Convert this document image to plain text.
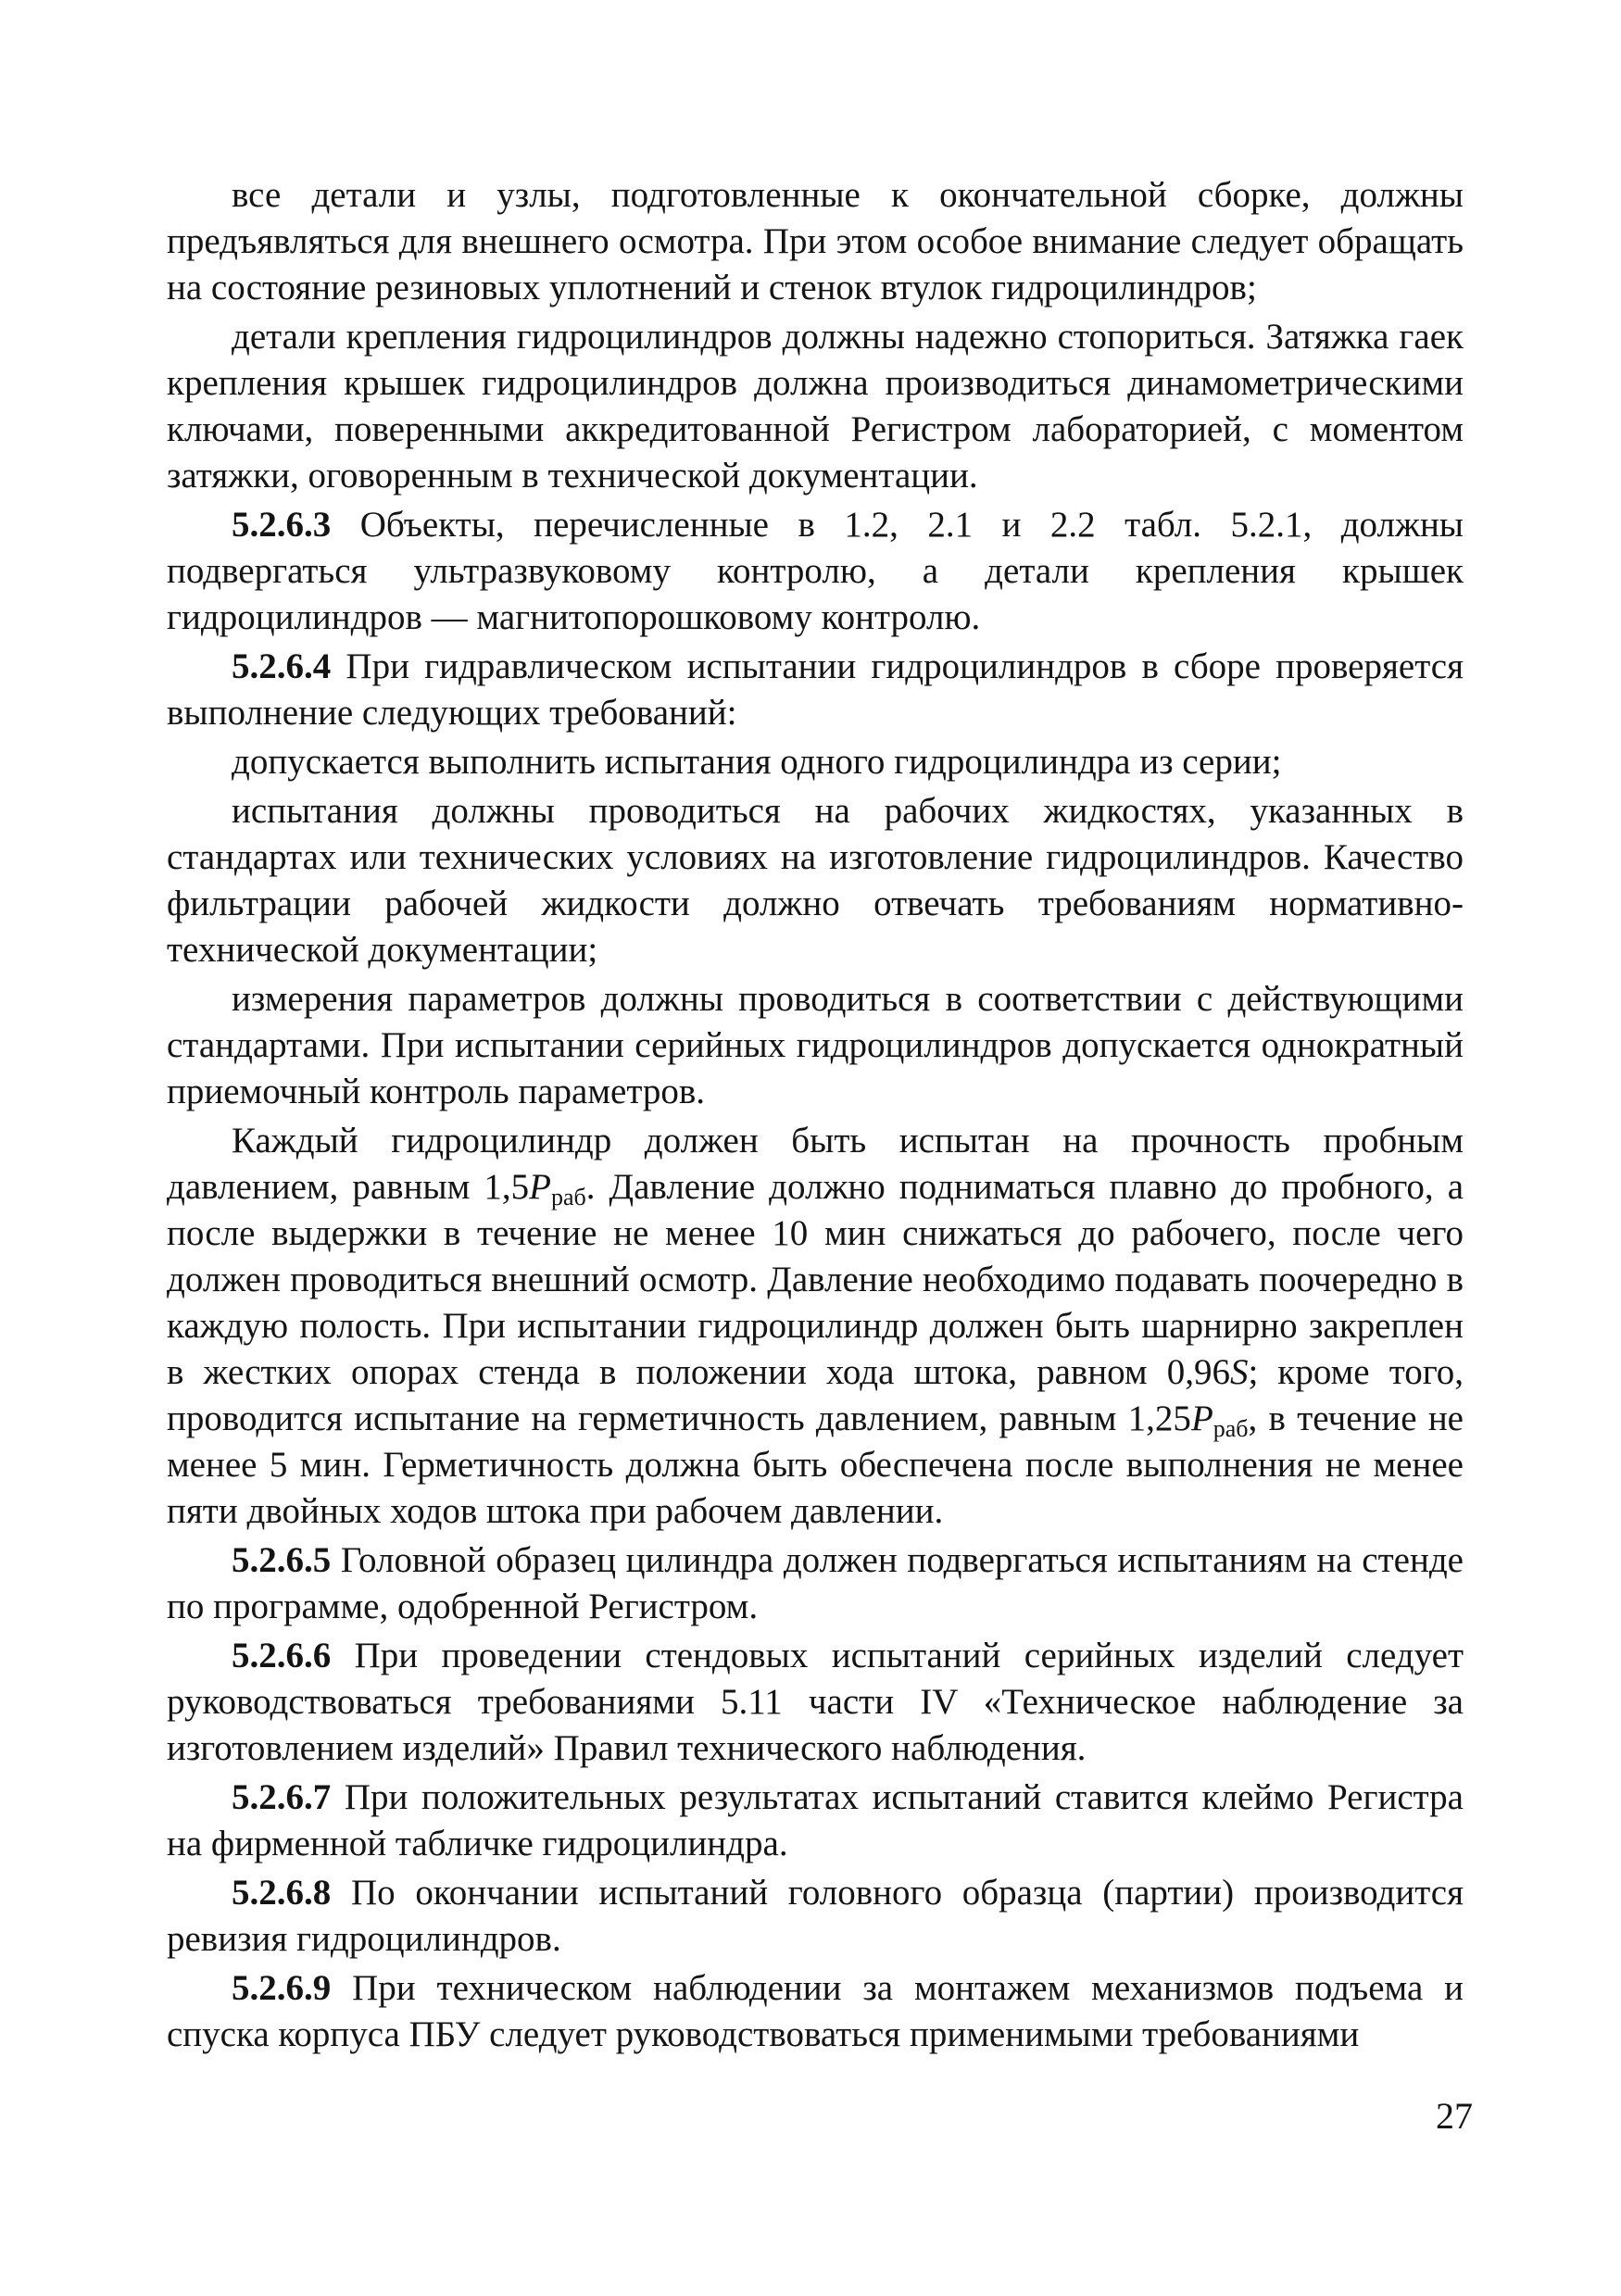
все детали и узлы, подготовленные к окончательной сборке, должны предъявляться для внешнего осмотра. При этом особое внимание следует обращать на состояние резиновых уплотнений и стенок втулок гидроцилиндров;

детали крепления гидроцилиндров должны надежно стопориться. Затяжка гаек крепления крышек гидроцилиндров должна производиться динамометрическими ключами, поверенными аккредитованной Регистром лабораторией, с моментом затяжки, оговоренным в технической документации.

5.2.6.3 Объекты, перечисленные в 1.2, 2.1 и 2.2 табл. 5.2.1, должны подвергаться ультразвуковому контролю, а детали крепления крышек гидроцилиндров — магнитопорошковому контролю.

5.2.6.4 При гидравлическом испытании гидроцилиндров в сборе проверяется выполнение следующих требований:

допускается выполнить испытания одного гидроцилиндра из серии;

испытания должны проводиться на рабочих жидкостях, указанных в стандартах или технических условиях на изготовление гидроцилиндров. Качество фильтрации рабочей жидкости должно отвечать требованиям нормативно-технической документации;

измерения параметров должны проводиться в соответствии с действующими стандартами. При испытании серийных гидроцилиндров допускается однократный приемочный контроль параметров.

Каждый гидроцилиндр должен быть испытан на прочность пробным давлением, равным $1,5P_{раб}$. Давление должно подниматься плавно до пробного, а после выдержки в течение не менее 10 мин снижаться до рабочего, после чего должен проводиться внешний осмотр. Давление необходимо подавать поочередно в каждую полость. При испытании гидроцилиндр должен быть шарнирно закреплен в жестких опорах стенда в положении хода штока, равном 0,96S; кроме того, проводится испытание на герметичность давлением, равным $1,25P_{раб}$, в течение не менее 5 мин. Герметичность должна быть обеспечена после выполнения не менее пяти двойных ходов штока при рабочем давлении.

5.2.6.5 Головной образец цилиндра должен подвергаться испытаниям на стенде по программе, одобренной Регистром.

5.2.6.6 При проведении стендовых испытаний серийных изделий следует руководствоваться требованиями 5.11 части IV «Техническое наблюдение за изготовлением изделий» Правил технического наблюдения.

5.2.6.7 При положительных результатах испытаний ставится клеймо Регистра на фирменной табличке гидроцилиндра.

5.2.6.8 По окончании испытаний головного образца (партии) производится ревизия гидроцилиндров.

5.2.6.9 При техническом наблюдении за монтажем механизмов подъема и спуска корпуса ПБУ следует руководствоваться применимыми требованиями

27
